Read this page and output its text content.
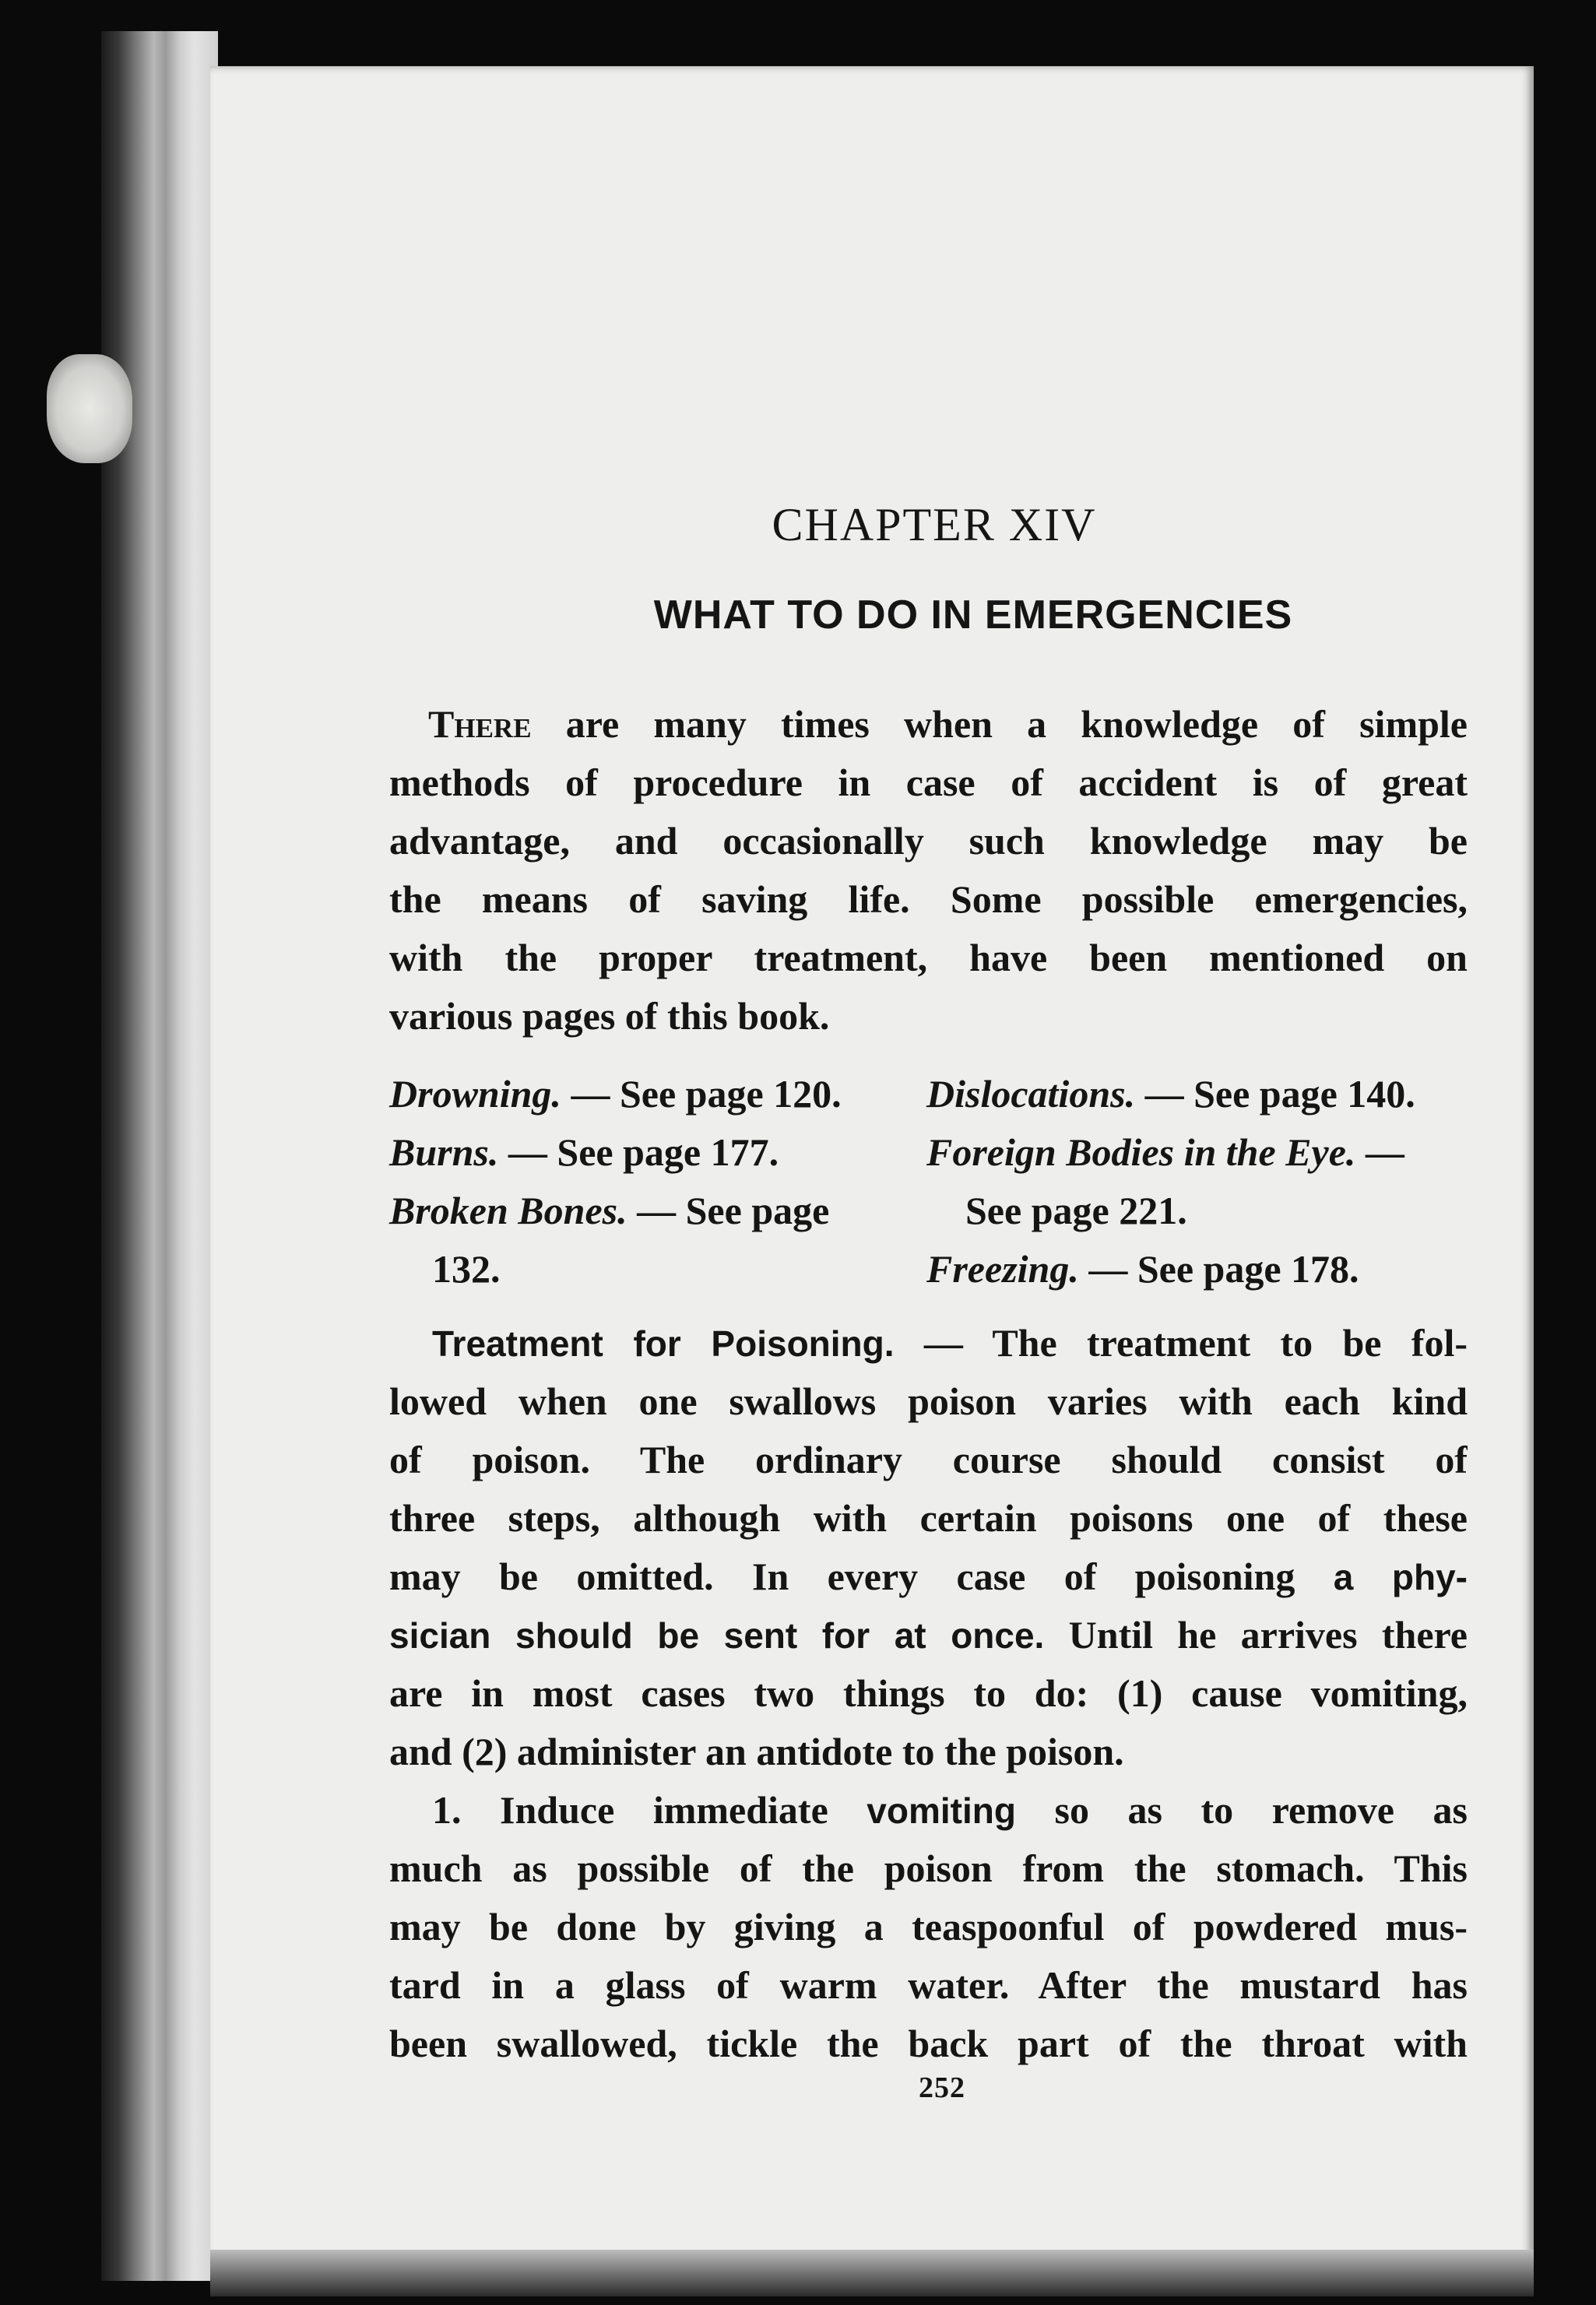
CHAPTER XIV
WHAT TO DO IN EMERGENCIES

There are many times when a knowledge of simple

methods of procedure in case of accident is of great

advantage, and occasionally such knowledge may be

the means of saving life. Some possible emergencies,

with the proper treatment, have been mentioned on

various pages of this book.

Drowning. — See page 120.

Burns. — See page 177.

Broken Bones. — See page

132.

Dislocations. — See page 140.

Foreign Bodies in the Eye. —

See page 221.

Freezing. — See page 178.

Treatment for Poisoning. — The treatment to be fol-

lowed when one swallows poison varies with each kind

of poison. The ordinary course should consist of

three steps, although with certain poisons one of these

may be omitted. In every case of poisoning a phy-

sician should be sent for at once. Until he arrives there

are in most cases two things to do: (1) cause vomiting,

and (2) administer an antidote to the poison.

1. Induce immediate vomiting so as to remove as

much as possible of the poison from the stomach. This

may be done by giving a teaspoonful of powdered mus-

tard in a glass of warm water. After the mustard has

been swallowed, tickle the back part of the throat with

252
